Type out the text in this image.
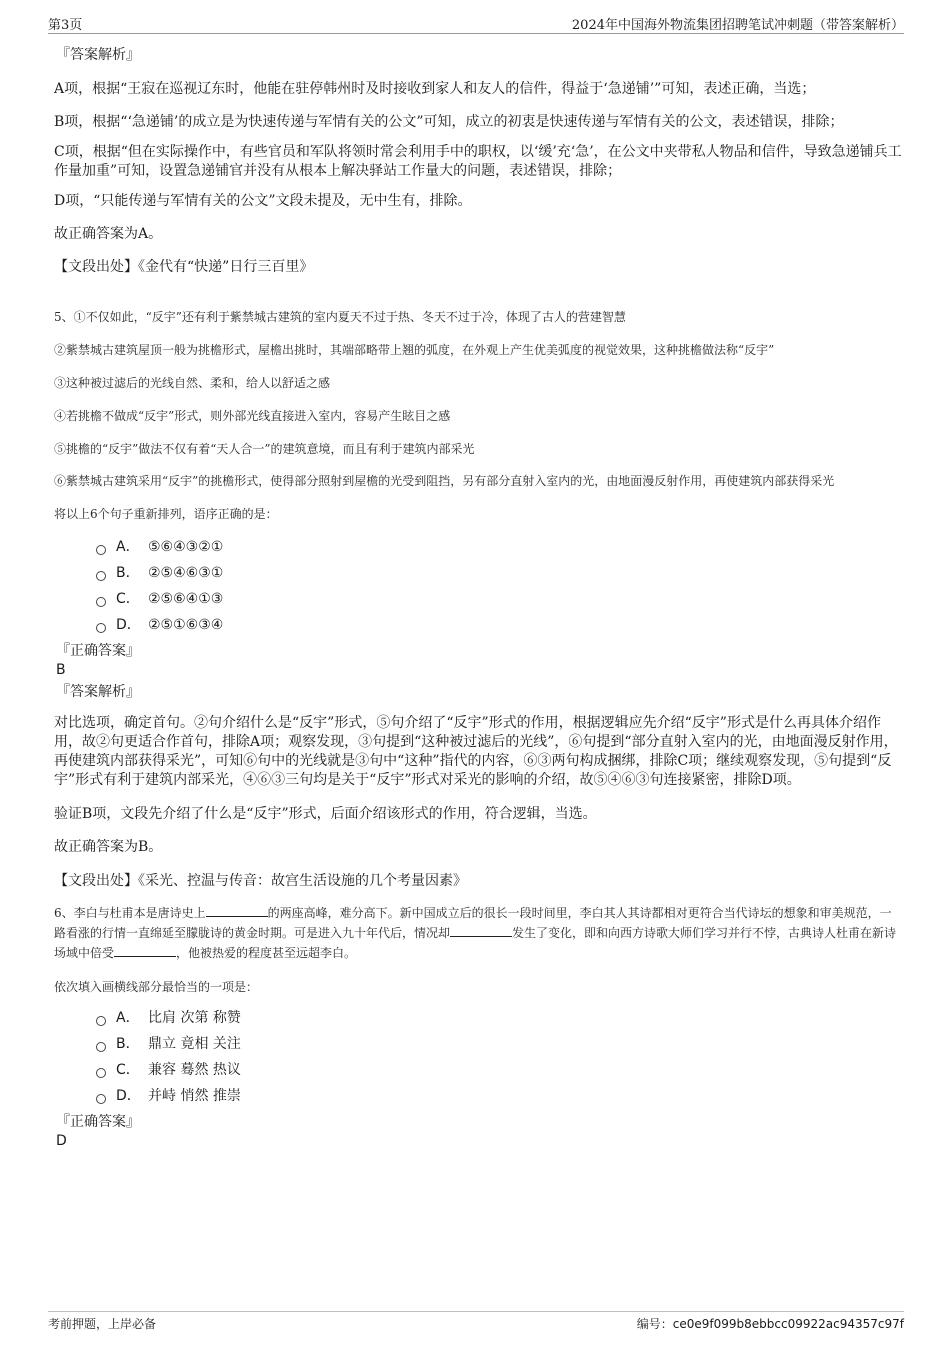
第3页	2024年中国海外物流集团招聘笔试冲刺题（带答案解析）
『答案解析』
A项，根据“王寂在巡视辽东时，他能在驻停韩州时及时接收到家人和友人的信件，得益于‘急递铺’”可知，表述正确，当选；
B项，根据“‘急递铺’的成立是为快速传递与军情有关的公文”可知，成立的初衷是快速传递与军情有关的公文，表述错误，排除；
C项，根据“但在实际操作中，有些官员和军队将领时常会利用手中的职权，以‘缓’充‘急’，在公文中夹带私人物品和信件，导致急递铺兵工作量加重”可知，设置急递铺官并没有从根本上解决驿站工作量大的问题，表述错误，排除；
D项，“只能传递与军情有关的公文”文段未提及，无中生有，排除。
故正确答案为A。
【文段出处】《金代有“快递”日行三百里》
5、①不仅如此，“反宇”还有利于紫禁城古建筑的室内夏天不过于热、冬天不过于冷，体现了古人的营建智慧
②紫禁城古建筑屋顶一般为挑檐形式，屋檐出挑时，其端部略带上翘的弧度，在外观上产生优美弧度的视觉效果，这种挑檐做法称“反宇”
③这种被过滤后的光线自然、柔和，给人以舒适之感
④若挑檐不做成“反宇”形式，则外部光线直接进入室内，容易产生眩目之感
⑤挑檐的“反宇”做法不仅有着“天人合一”的建筑意境，而且有利于建筑内部采光
⑥紫禁城古建筑采用“反宇”的挑檐形式，使得部分照射到屋檐的光受到阻挡，另有部分直射入室内的光，由地面漫反射作用，再使建筑内部获得采光
将以上6个句子重新排列，语序正确的是：
A． ⑤⑥④③②①
B． ②⑤④⑥③①
C． ②⑤⑥④①③
D． ②⑤①⑥③④
『正确答案』
B
『答案解析』
对比选项，确定首句。②句介绍什么是“反宇”形式，⑤句介绍了“反宇”形式的作用，根据逻辑应先介绍“反宇”形式是什么再具体介绍作用，故②句更适合作首句，排除A项；观察发现，③句提到“这种被过滤后的光线”，⑥句提到“部分直射入室内的光，由地面漫反射作用，再使建筑内部获得采光”，可知⑥句中的光线就是③句中“这种”指代的内容，⑥③两句构成捆绑，排除C项；继续观察发现，⑤句提到“反宇”形式有利于建筑内部采光，④⑥③三句均是关于“反宇”形式对采光的影响的介绍，故⑤④⑥③句连接紧密，排除D项。
验证B项，文段先介绍了什么是“反宇”形式，后面介绍该形式的作用，符合逻辑，当选。
故正确答案为B。
【文段出处】《采光、控温与传音：故宫生活设施的几个考量因素》
6、李白与杜甫本是唐诗史上	的两座高峰，难分高下。新中国成立后的很长一段时间里，李白其人其诗都相对更符合当代诗坛的想象和审美规范，一路看涨的行情一直绵延至朦胧诗的黄金时期。可是进入九十年代后，情况却	发生了变化，即和向西方诗歌大师们学习并行不悖，古典诗人杜甫在新诗场域中倍受	，他被热爱的程度甚至远超李白。
依次填入画横线部分最恰当的一项是：
A． 比肩 次第 称赞
B． 鼎立 竟相 关注
C． 兼容 蓦然 热议
D． 并峙 悄然 推崇
『正确答案』
D
考前押题，上岸必备	编号：ce0e9f099b8ebbcc09922ac94357c97f
